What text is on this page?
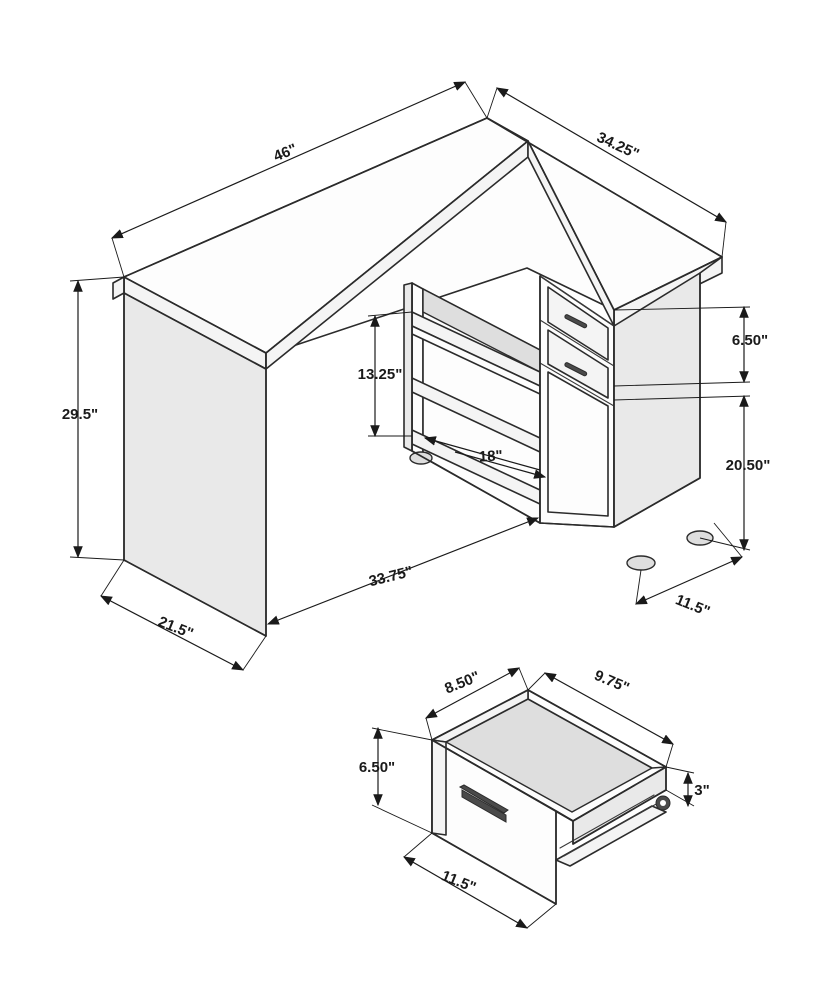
46"	34.25"
29.5"
13.25"
18"
6.50"
20.50"
33.75"
21.5"
11.5"
8.50"	9.75"
6.50"
3"
11.5"
